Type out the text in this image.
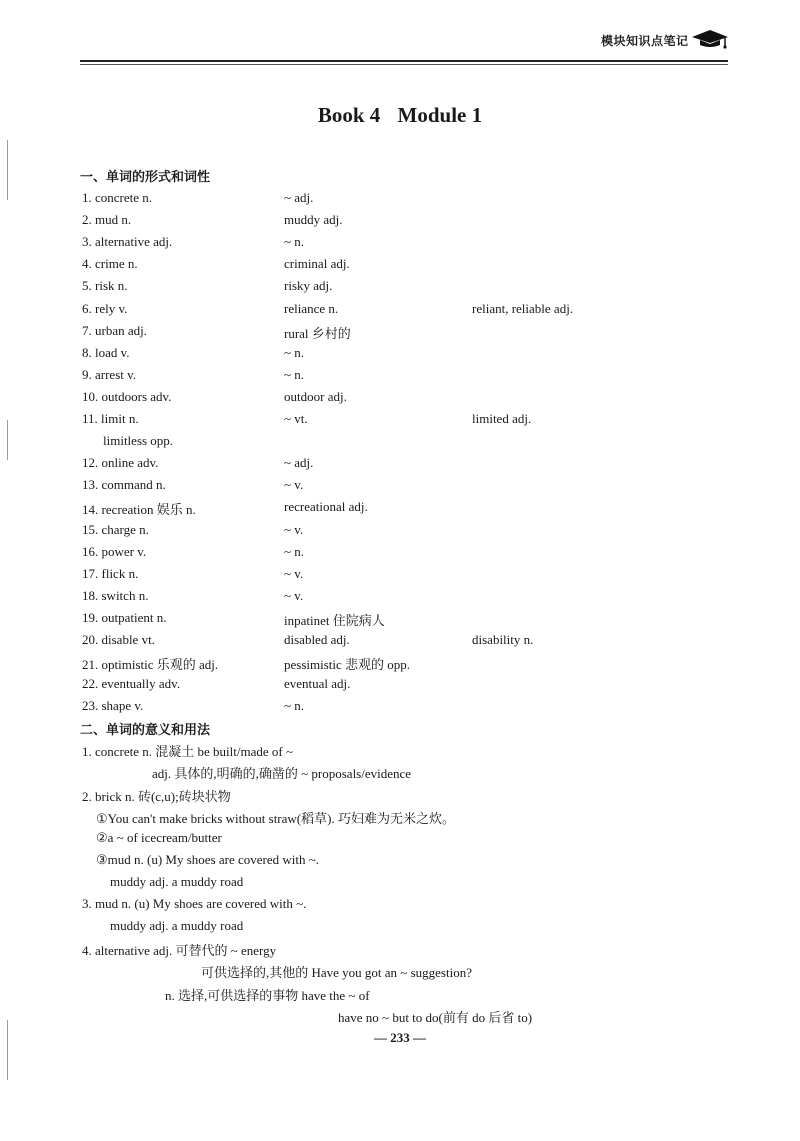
模块知识点笔记
Book 4 Module 1
一、单词的形式和词性
1. concrete n.	~ adj.
2. mud n.	muddy adj.
3. alternative adj.	~ n.
4. crime n.	criminal adj.
5. risk n.	risky adj.
6. rely v.	reliance n.	reliant, reliable adj.
7. urban adj.	rural 乡村的
8. load v.	~ n.
9. arrest v.	~ n.
10. outdoors adv.	outdoor adj.
11. limit n.	~ vt.	limited adj.
limitless opp.
12. online adv.	~ adj.
13. command n.	~ v.
14. recreation 娱乐 n.	recreational adj.
15. charge n.	~ v.
16. power v.	~ n.
17. flick n.	~ v.
18. switch n.	~ v.
19. outpatient n.	inpatinet 住院病人
20. disable vt.	disabled adj.	disability n.
21. optimistic 乐观的 adj.	pessimistic 悲观的 opp.
22. eventually adv.	eventual adj.
23. shape v.	~ n.
二、单词的意义和用法
1. concrete n. 混凝土 be built/made of ~
adj. 具体的,明确的,确凿的 ~ proposals/evidence
2. brick n. 砖(c,u);砖块状物
①You can't make bricks without straw(稻草). 巧妇难为无米之炊。
②a ~ of icecream/butter
③mud n. (u) My shoes are covered with ~.
muddy adj. a muddy road
3. mud n. (u) My shoes are covered with ~.
muddy adj. a muddy road
4. alternative adj. 可替代的 ~ energy
可供选择的,其他的 Have you got an ~ suggestion?
n. 选择,可供选择的事物 have the ~ of
have no ~ but to do(前有 do 后省 to)
— 233 —
